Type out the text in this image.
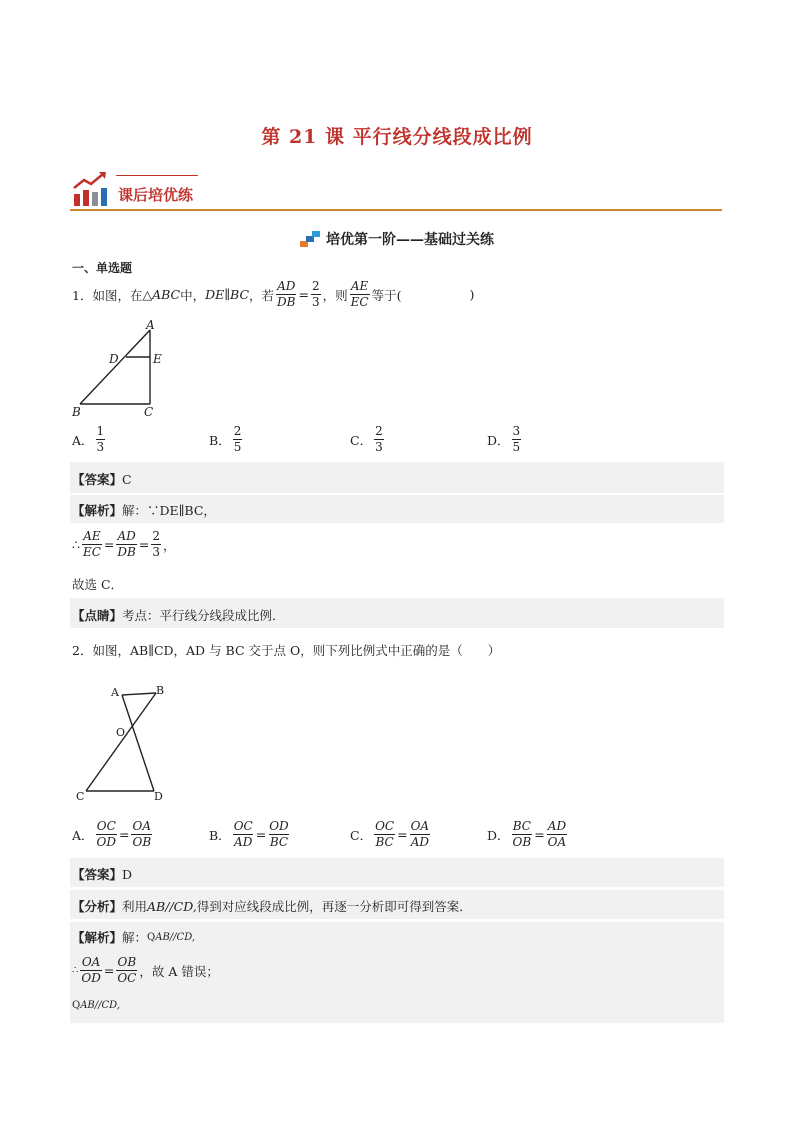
第 21 课 平行线分线段成比例
课后培优练
培优第一阶——基础过关练
一、单选题
1．如图，在 △ABC 中， DE ∥ BC ，若 $\frac{AD}{DB} = \frac{2}{3}$ ，则 $\frac{AE}{EC}$ 等于(	)
A
D	E
B	C
A． $\frac{1}{3}$	B． $\frac{2}{5}$	C． $\frac{2}{3}$	D． $\frac{3}{5}$
【答案】 C
【解析】 解：∵DE∥BC，
∴ $\frac{AE}{EC} = \frac{AD}{DB} = \frac{2}{3}$ ，
故选 C．
【点睛】 考点：平行线分线段成比例．
2．如图，AB∥CD，AD 与 BC 交于点 O，则下列比例式中正确的是（　　）
A	B
O
C	D
A． $\frac{OC}{OD} = \frac{OA}{OB}$	B． $\frac{OC}{AD} = \frac{OD}{BC}$	C． $\frac{OC}{BC} = \frac{OA}{AD}$	D． $\frac{BC}{OB} = \frac{AD}{OA}$
【答案】 D
【分析】 利用 AB//CD, 得到对应线段成比例，再逐一分析即可得到答案．
【解析】 解： Q AB//CD,
∴ $\frac{OA}{OD} = \frac{OB}{OC}$ ，故 A 错误；
Q AB//CD,
